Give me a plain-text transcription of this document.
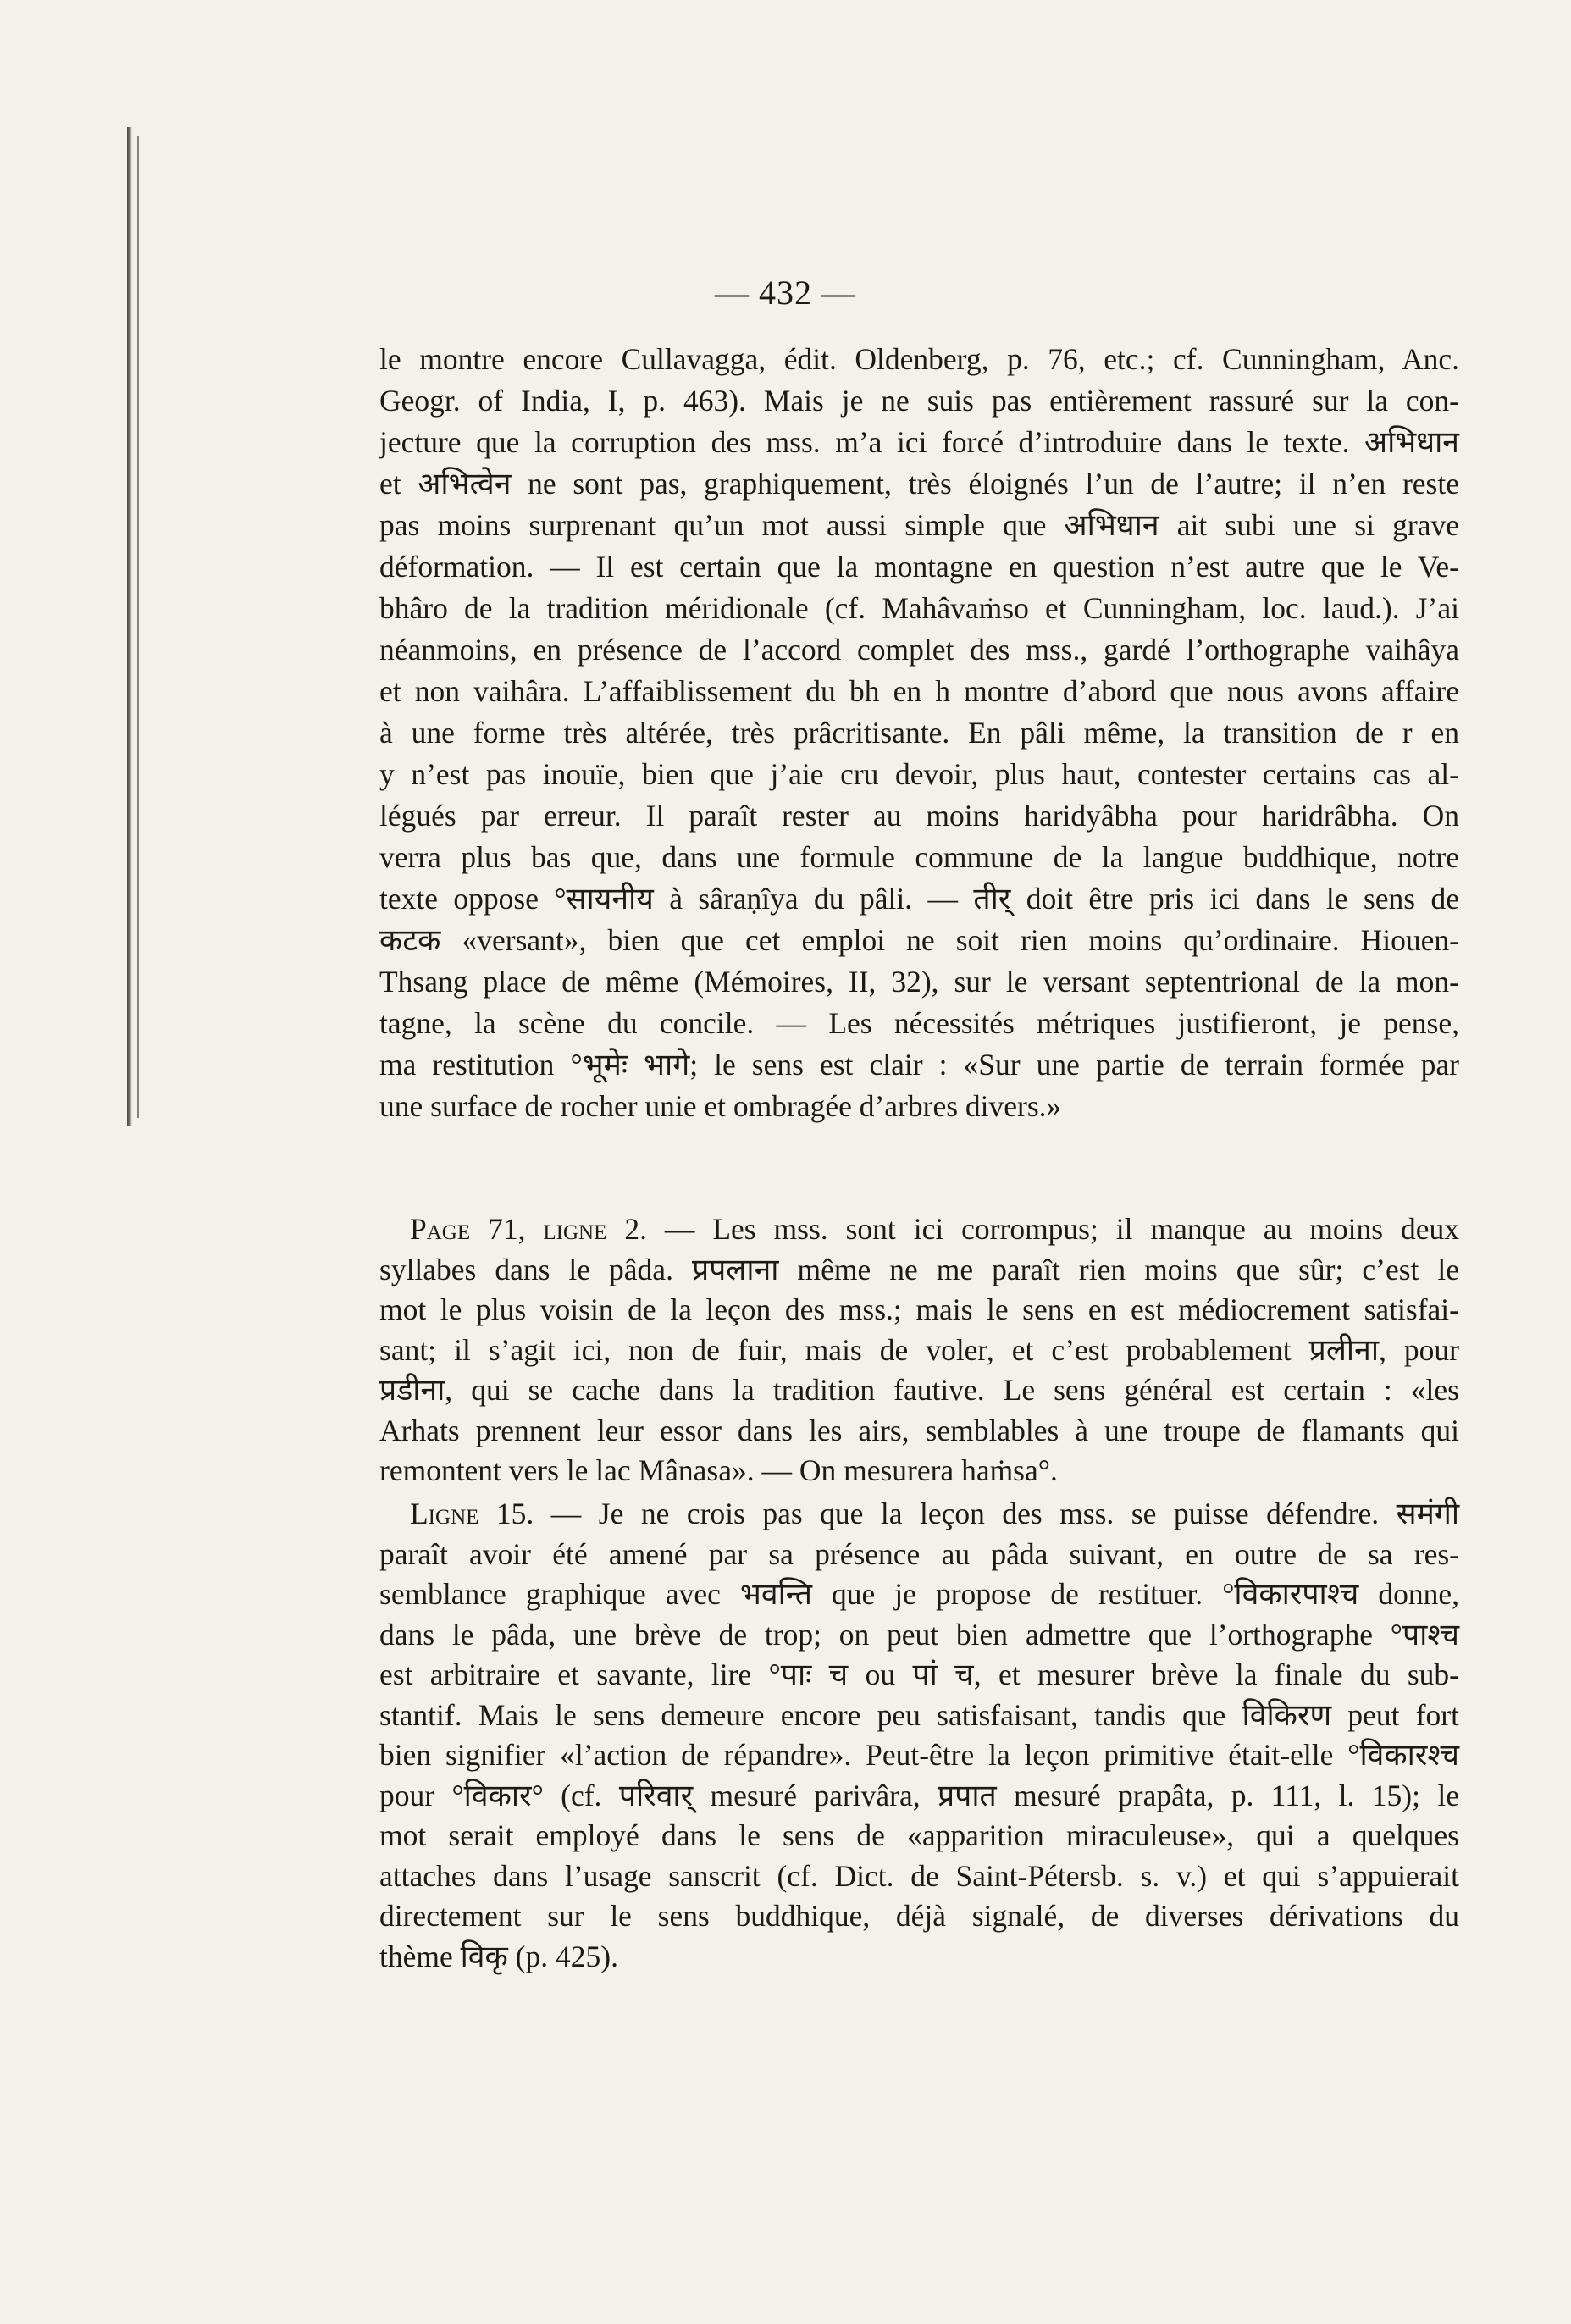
— 432 —
le montre encore Cullavagga, édit. Oldenberg, p. 76, etc.; cf. Cunningham, Anc.
Geogr. of India, I, p. 463). Mais je ne suis pas entièrement rassuré sur la con-
jecture que la corruption des mss. m’a ici forcé d’introduire dans le texte. अभिधान
et अभित्वेन ne sont pas, graphiquement, très éloignés l’un de l’autre; il n’en reste
pas moins surprenant qu’un mot aussi simple que अभिधान ait subi une si grave
déformation. — Il est certain que la montagne en question n’est autre que le Ve-
bhâro de la tradition méridionale (cf. Mahâvaṁso et Cunningham, loc. laud.). J’ai
néanmoins, en présence de l’accord complet des mss., gardé l’orthographe vaihâya
et non vaihâra. L’affaiblissement du bh en h montre d’abord que nous avons affaire
à une forme très altérée, très prâcritisante. En pâli même, la transition de r en
y n’est pas inouïe, bien que j’aie cru devoir, plus haut, contester certains cas al-
légués par erreur. Il paraît rester au moins haridyâbha pour haridrâbha. On
verra plus bas que, dans une formule commune de la langue buddhique, notre
texte oppose °सायनीय à sâraṇîya du pâli. — तीर् doit être pris ici dans le sens de
कटक «versant», bien que cet emploi ne soit rien moins qu’ordinaire. Hiouen-
Thsang place de même (Mémoires, II, 32), sur le versant septentrional de la mon-
tagne, la scène du concile. — Les nécessités métriques justifieront, je pense,
ma restitution °भूमेः भागे; le sens est clair : «Sur une partie de terrain formée par
une surface de rocher unie et ombragée d’arbres divers.»
Page 71, ligne 2. — Les mss. sont ici corrompus; il manque au moins deux
syllabes dans le pâda. प्रपलाना même ne me paraît rien moins que sûr; c’est le
mot le plus voisin de la leçon des mss.; mais le sens en est médiocrement satisfai-
sant; il s’agit ici, non de fuir, mais de voler, et c’est probablement प्रलीना, pour
प्रडीना, qui se cache dans la tradition fautive. Le sens général est certain : «les
Arhats prennent leur essor dans les airs, semblables à une troupe de flamants qui
remontent vers le lac Mânasa». — On mesurera haṁsa°.
Ligne 15. — Je ne crois pas que la leçon des mss. se puisse défendre. समंगी
paraît avoir été amené par sa présence au pâda suivant, en outre de sa res-
semblance graphique avec भवन्ति que je propose de restituer. °विकारपाश्च donne,
dans le pâda, une brève de trop; on peut bien admettre que l’orthographe °पाश्च
est arbitraire et savante, lire °पाः च ou पां च, et mesurer brève la finale du sub-
stantif. Mais le sens demeure encore peu satisfaisant, tandis que विकिरण peut fort
bien signifier «l’action de répandre». Peut-être la leçon primitive était-elle °विकारश्च
pour °विकार° (cf. परिवार् mesuré parivâra, प्रपात mesuré prapâta, p. 111, l. 15); le
mot serait employé dans le sens de «apparition miraculeuse», qui a quelques
attaches dans l’usage sanscrit (cf. Dict. de Saint-Pétersb. s. v.) et qui s’appuierait
directement sur le sens buddhique, déjà signalé, de diverses dérivations du
thème विकृ (p. 425).
